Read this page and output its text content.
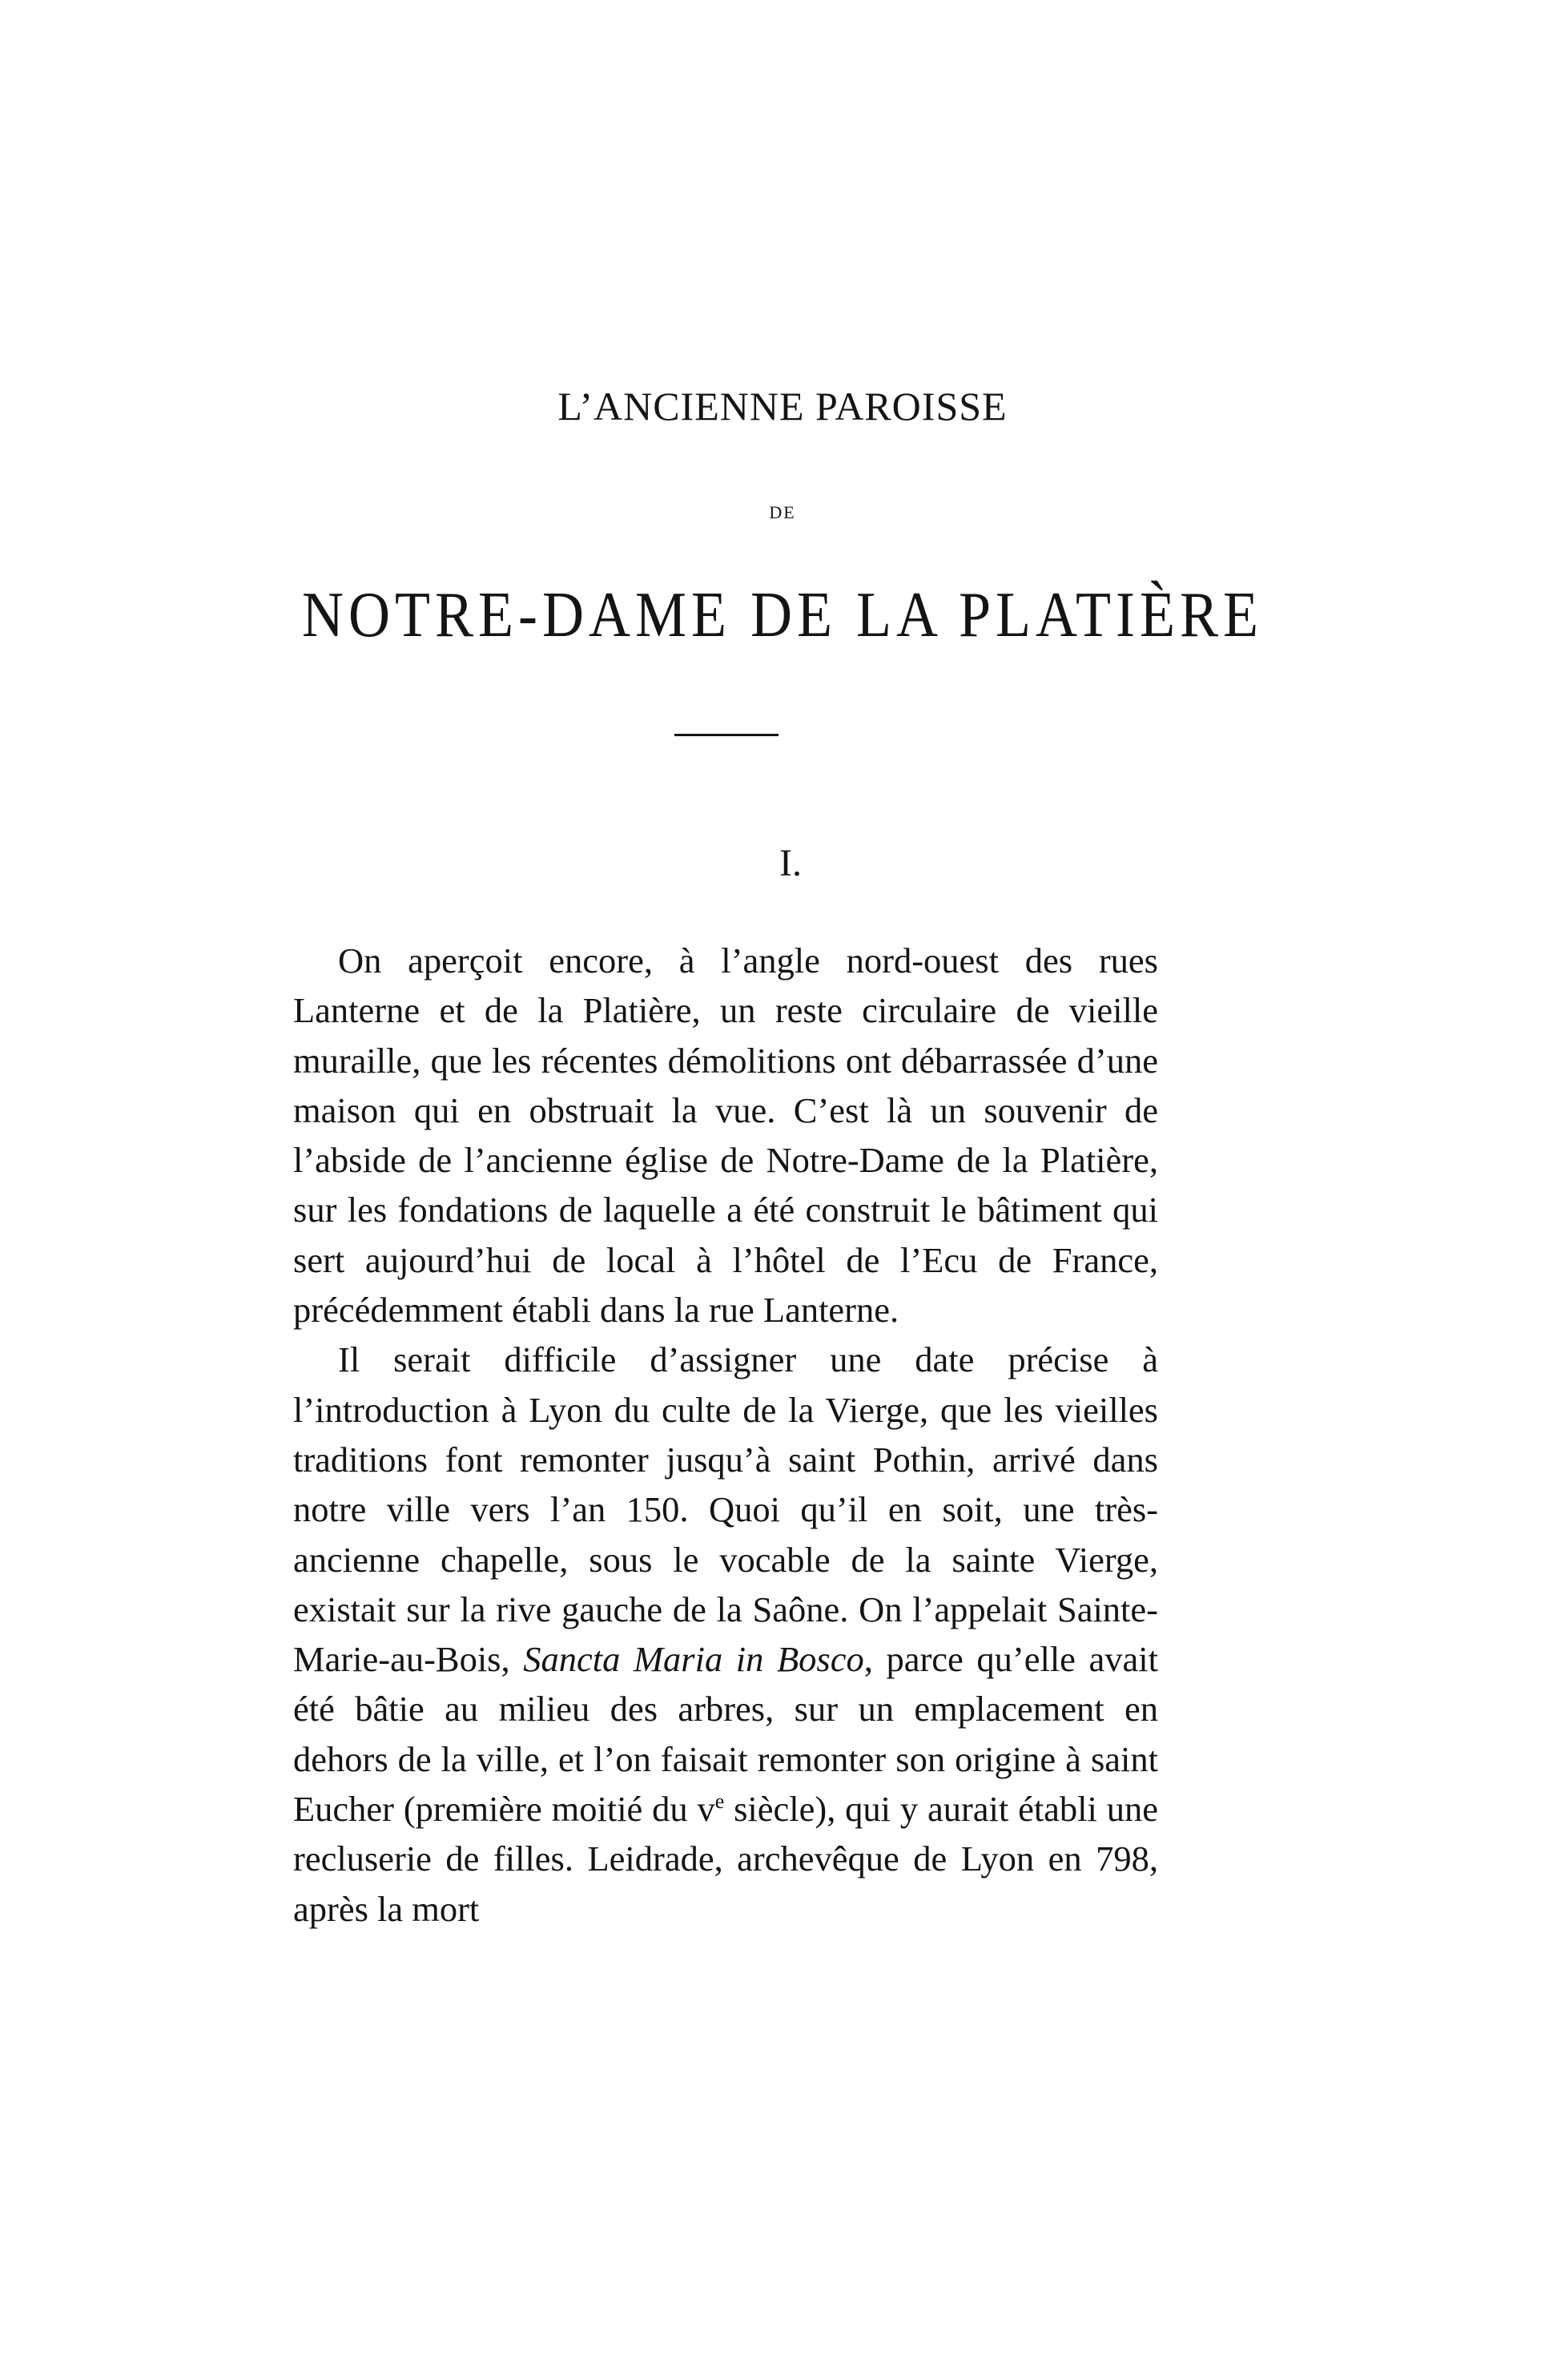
L’ANCIENNE PAROISSE
DE
NOTRE-DAME DE LA PLATIÈRE
I.

On aperçoit encore, à l’angle nord-ouest des rues Lanterne et de la Platière, un reste circulaire de vieille muraille, que les récentes démolitions ont débarrassée d’une maison qui en obstruait la vue. C’est là un souvenir de l’abside de l’ancienne église de Notre-Dame de la Platière, sur les fondations de laquelle a été construit le bâtiment qui sert aujourd’hui de local à l’hôtel de l’Ecu de France, précédemment établi dans la rue Lanterne.

Il serait difficile d’assigner une date précise à l’introduction à Lyon du culte de la Vierge, que les vieilles traditions font remonter jusqu’à saint Pothin, arrivé dans notre ville vers l’an 150. Quoi qu’il en soit, une très-ancienne chapelle, sous le vocable de la sainte Vierge, existait sur la rive gauche de la Saône. On l’appelait Sainte-Marie-au-Bois, Sancta Maria in Bosco, parce qu’elle avait été bâtie au milieu des arbres, sur un emplacement en dehors de la ville, et l’on faisait remonter son origine à saint Eucher (première moitié du $v^e$ siècle), qui y aurait établi une recluserie de filles. Leidrade, archevêque de Lyon en 798, après la mort
